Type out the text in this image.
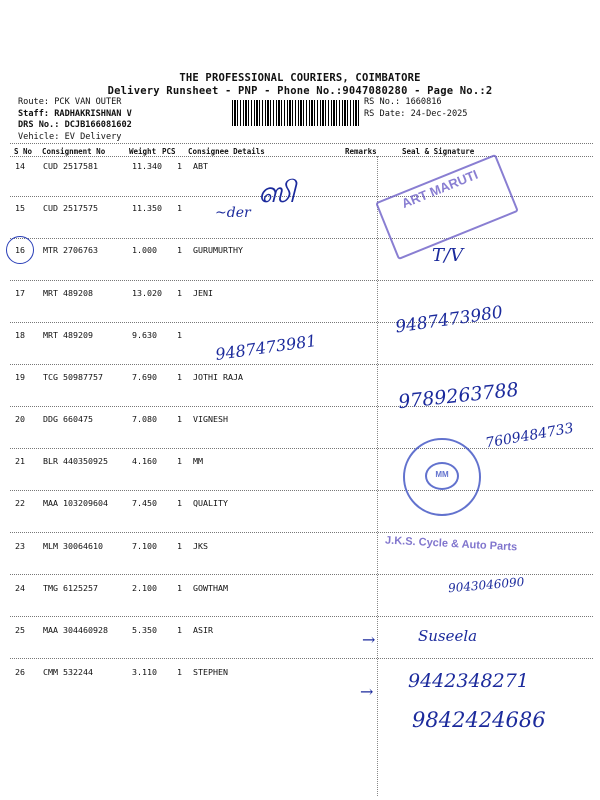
THE PROFESSIONAL COURIERS, COIMBATORE
Delivery Runsheet - PNP - Phone No.:9047080280 - Page No.:2
Route: PCK VAN OUTER
Staff: RADHAKRISHNAN V
DRS No.: DCJB166081602
Vehicle: EV Delivery
RS No.: 1660816
RS Date: 24-Dec-2025
S No Consignment No	Weight PCS Consignee Details	Remarks	Seal & Signature
14 CUD 2517581	11.340 1 ABT
15 CUD 2517575	11.350 1
16 MTR 2706763	1.000 1 GURUMURTHY
17 MRT 489208	13.020 1 JENI
18 MRT 489209	9.630 1
19 TCG 50987757	7.690 1 JOTHI RAJA
20 DDG 660475	7.080 1 VIGNESH
21 BLR 440350925	4.160 1 MM
22 MAA 103209604	7.450 1 QUALITY
23 MLM 30064610	7.100 1 JKS
24 TMG 6125257	2.100 1 GOWTHAM
25 MAA 304460928	5.350 1 ASIR
26 CMM 532244	3.110 1 STEPHEN
ART MARUTI
MM
J.K.S. Cycle & Auto Parts
ஸி
~der
T/V
9487473981
9487473980
9789263788
7609484733
9043046090
Suseela
9442348271
9842424686
→
→
